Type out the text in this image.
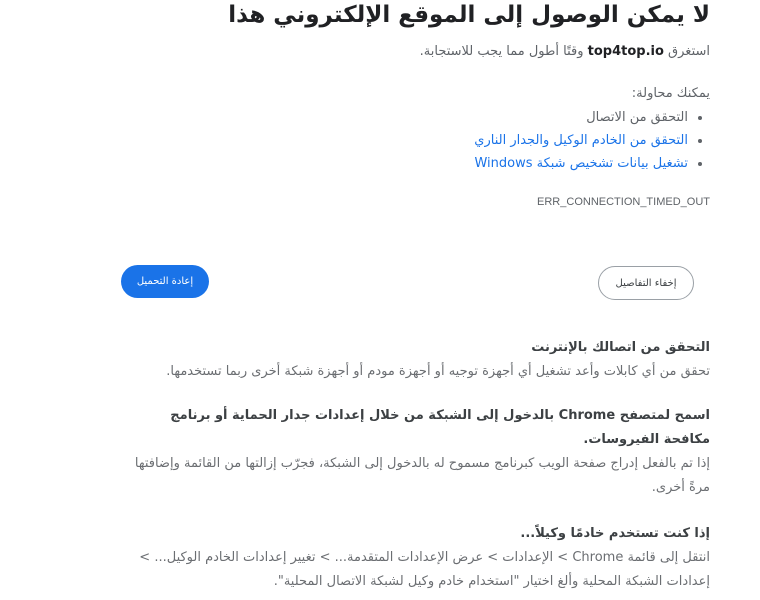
لا يمكن الوصول إلى الموقع الإلكتروني هذا
استغرق top4top.io وقتًا أطول مما يجب للاستجابة.
يمكنك محاولة:
• التحقق من الاتصال
• التحقق من الخادم الوكيل والجدار الناري
• تشغيل بيانات تشخيص شبكة Windows
ERR_CONNECTION_TIMED_OUT
إخفاء التفاصيل
إعادة التحميل
التحقق من اتصالك بالإنترنت

تحقق من أي كابلات وأعد تشغيل أي أجهزة توجيه أو أجهزة مودم أو أجهزة شبكة أخرى ربما تستخدمها.

اسمح لمتصفح Chrome بالدخول إلى الشبكة من خلال إعدادات جدار الحماية أو برنامج مكافحة الفيروسات.

إذا تم بالفعل إدراج صفحة الويب كبرنامج مسموح له بالدخول إلى الشبكة، فجرّب إزالتها من القائمة وإضافتها مرةً أخرى.

إذا كنت تستخدم خادمًا وكيلاً...

انتقل إلى قائمة Chrome > الإعدادات > عرض الإعدادات المتقدمة... > تغيير إعدادات الخادم الوكيل... > إعدادات الشبكة المحلية وألغ اختيار "استخدام خادم وكيل لشبكة الاتصال المحلية".
